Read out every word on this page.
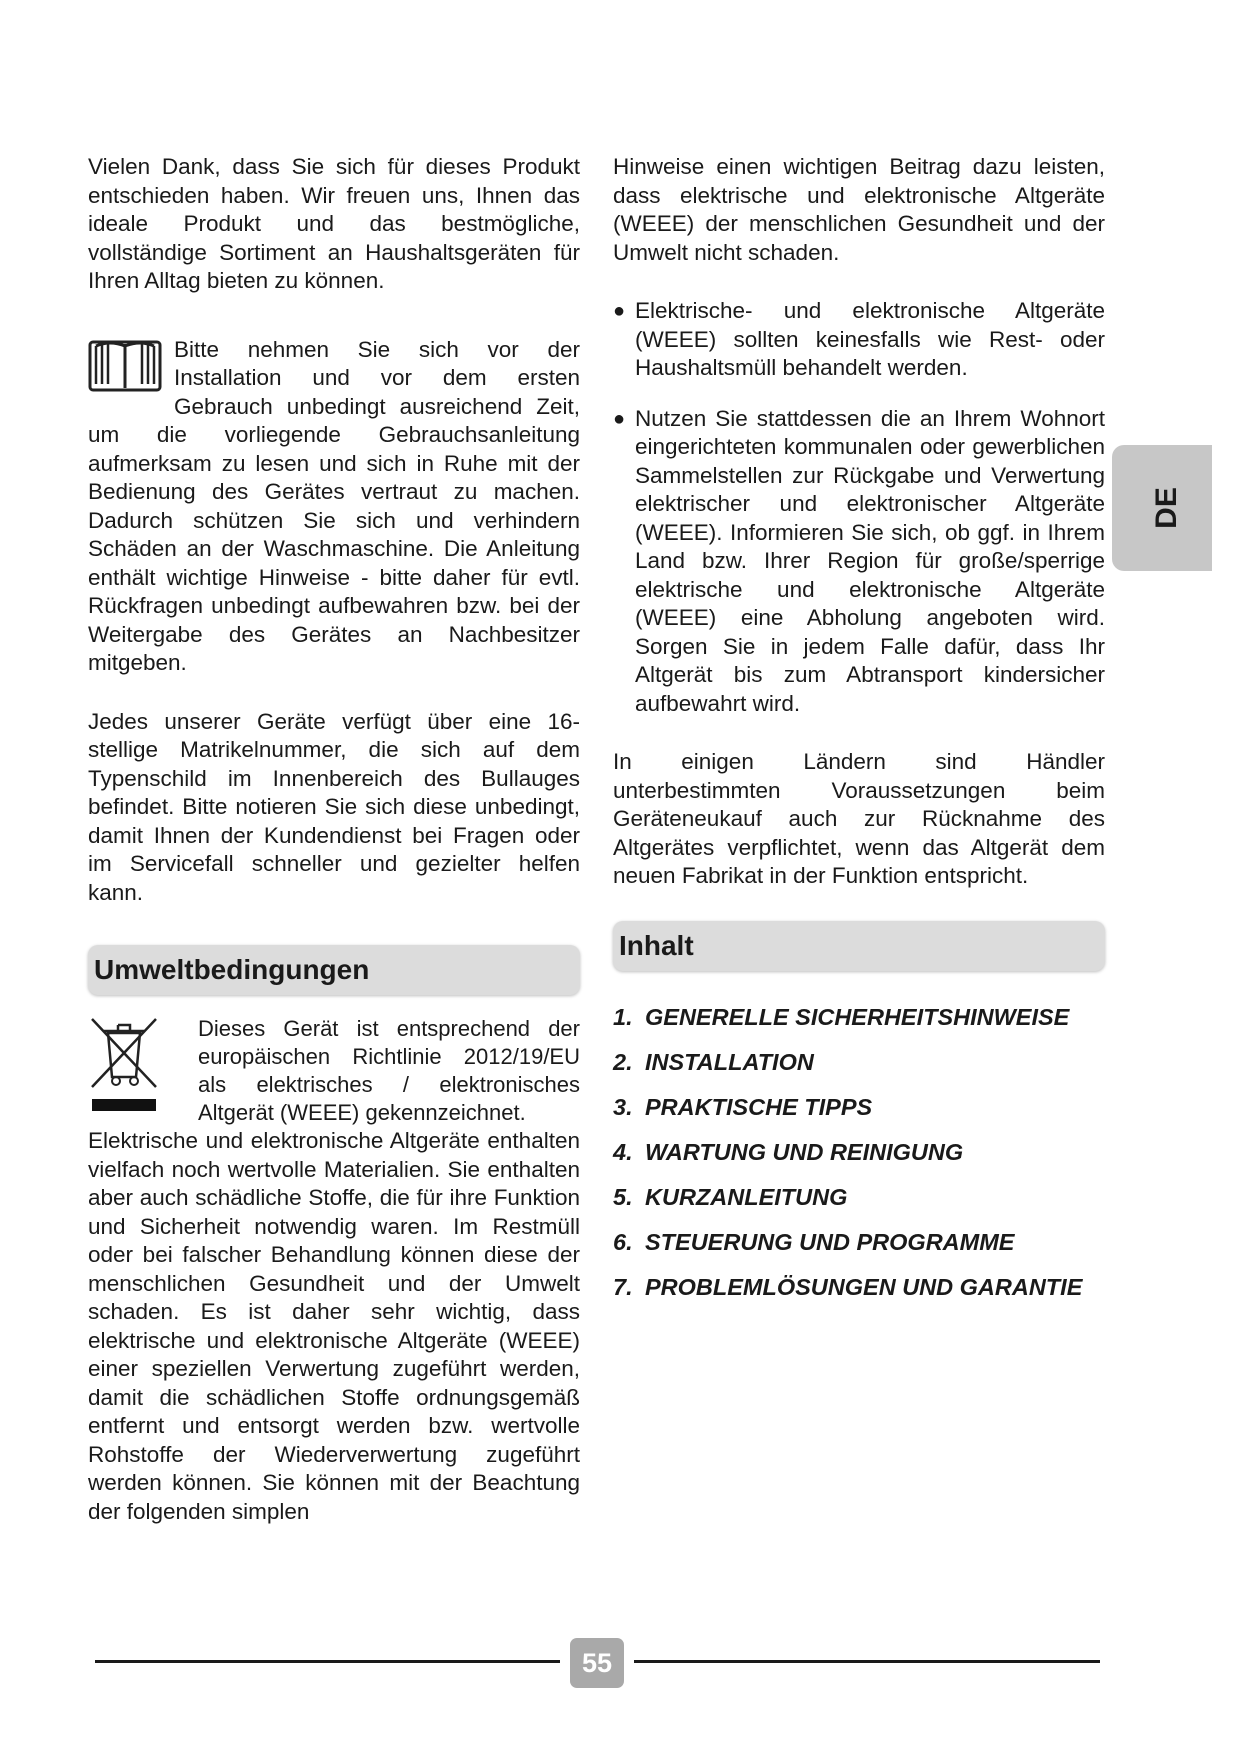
Vielen Dank, dass Sie sich für dieses Produkt entschieden haben. Wir freuen uns, Ihnen das ideale Produkt und das bestmögliche, vollständige Sortiment an Haushaltsgeräten für Ihren Alltag bieten zu können.

Bitte nehmen Sie sich vor der Installation und vor dem ersten Gebrauch unbedingt ausreichend Zeit, um die vorliegende Gebrauchsanleitung aufmerksam zu lesen und sich in Ruhe mit der Bedienung des Gerätes vertraut zu machen. Dadurch schützen Sie sich und verhindern Schäden an der Waschmaschine. Die Anleitung enthält wichtige Hinweise - bitte daher für evtl. Rückfragen unbedingt aufbewahren bzw. bei der Weitergabe des Gerätes an Nachbesitzer mitgeben.

Jedes unserer Geräte verfügt über eine 16-stellige Matrikelnummer, die sich auf dem Typenschild im Innenbereich des Bullauges befindet. Bitte notieren Sie sich diese unbedingt, damit Ihnen der Kundendienst bei Fragen oder im Servicefall schneller und gezielter helfen kann.

Umweltbedingungen

Dieses Gerät ist entsprechend der europäischen Richtlinie 2012/19/EU als elektrisches / elektronisches Altgerät (WEEE) gekennzeichnet.

Elektrische und elektronische Altgeräte enthalten vielfach noch wertvolle Materialien. Sie enthalten aber auch schädliche Stoffe, die für ihre Funktion und Sicherheit notwendig waren. Im Restmüll oder bei falscher Behandlung können diese der menschlichen Gesundheit und der Umwelt schaden. Es ist daher sehr wichtig, dass elektrische und elektronische Altgeräte (WEEE) einer speziellen Verwertung zugeführt werden, damit die schädlichen Stoffe ordnungsgemäß entfernt und entsorgt werden bzw. wertvolle Rohstoffe der Wiederverwertung zugeführt werden können. Sie können mit der Beachtung der folgenden simplen

Hinweise einen wichtigen Beitrag dazu leisten, dass elektrische und elektronische Altgeräte (WEEE) der menschlichen Gesundheit und der Umwelt nicht schaden.

● Elektrische- und elektronische Altgeräte (WEEE) sollten keinesfalls wie Rest- oder Haushaltsmüll behandelt werden.
● Nutzen Sie stattdessen die an Ihrem Wohnort eingerichteten kommunalen oder gewerblichen Sammelstellen zur Rückgabe und Verwertung elektrischer und elektronischer Altgeräte (WEEE). Informieren Sie sich, ob ggf. in Ihrem Land bzw. Ihrer Region für große/sperrige elektrische und elektronische Altgeräte (WEEE) eine Abholung angeboten wird. Sorgen Sie in jedem Falle dafür, dass Ihr Altgerät bis zum Abtransport kindersicher aufbewahrt wird.

In einigen Ländern sind Händler unterbestimmten Voraussetzungen beim Geräteneukauf auch zur Rücknahme des Altgerätes verpflichtet, wenn das Altgerät dem neuen Fabrikat in der Funktion entspricht.

Inhalt
1. GENERELLE SICHERHEITSHINWEISE
2. INSTALLATION
3. PRAKTISCHE TIPPS
4. WARTUNG UND REINIGUNG
5. KURZANLEITUNG
6. STEUERUNG UND PROGRAMME
7. PROBLEMLÖSUNGEN UND GARANTIE
DE
55
